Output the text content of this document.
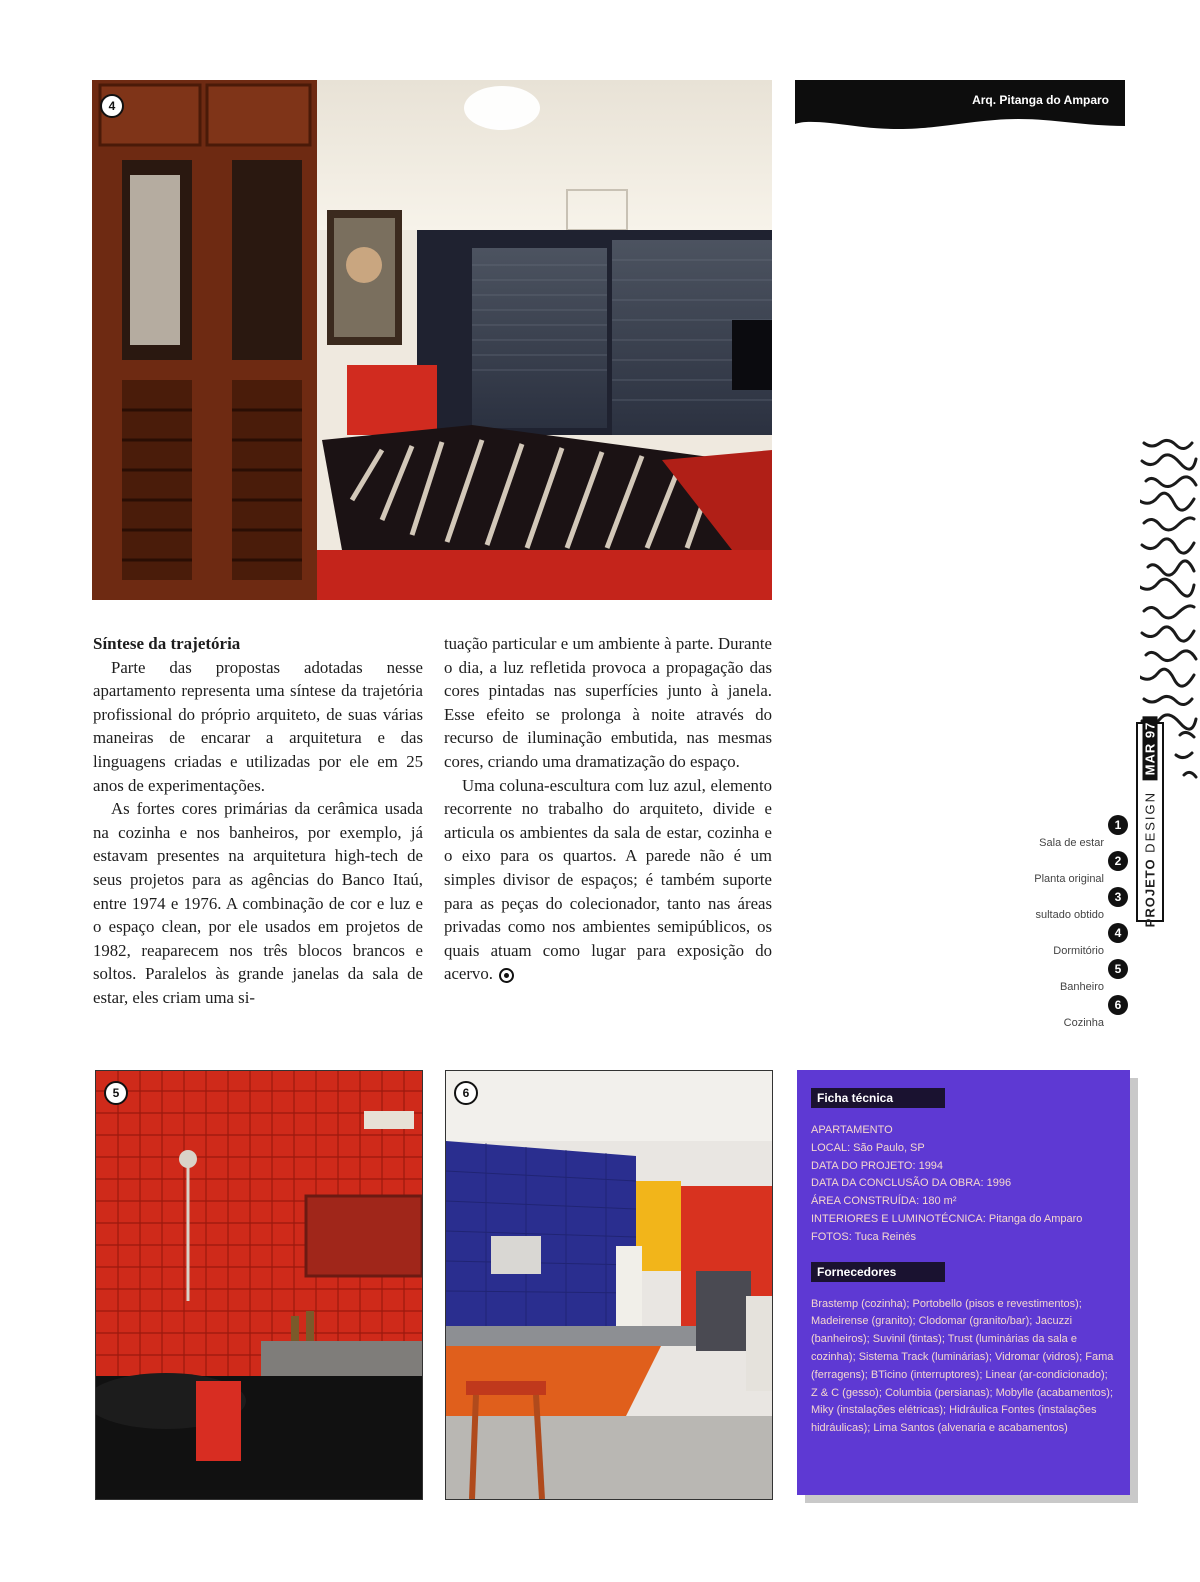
Arq. Pitanga do Amparo
4

Síntese da trajetória

Parte das propostas adotadas nesse apartamento representa uma síntese da trajetória profissional do próprio arquiteto, de suas várias maneiras de encarar a arquitetura e das linguagens criadas e utilizadas por ele em 25 anos de experimentações.

As fortes cores primárias da cerâmica usada na cozinha e nos banheiros, por exemplo, já estavam presentes na arquitetura high-tech de seus projetos para as agências do Banco Itaú, entre 1974 e 1976. A combinação de cor e luz e o espaço clean, por ele usados em projetos de 1982, reaparecem nos três blocos brancos e soltos. Paralelos às grande janelas da sala de estar, eles criam uma si-

tuação particular e um ambiente à parte. Durante o dia, a luz refletida provoca a propagação das cores pintadas nas superfícies junto à janela. Esse efeito se prolonga à noite através do recurso de iluminação embutida, nas mesmas cores, criando uma dramatização do espaço.

Uma coluna-escultura com luz azul, elemento recorrente no trabalho do arquiteto, divide e articula os ambientes da sala de estar, cozinha e o eixo para os quartos. A parede não é um simples divisor de espaços; é também suporte para as peças do colecionador, tanto nas áreas privadas como nos ambientes semipúblicos, os quais atuam como lugar para exposição do acervo.

PROJETO DESIGN MAR 97
1
Sala de estar
2
Planta original
3
sultado obtido
4
Dormitório
5
Banheiro
6
Cozinha
5	6	Ficha técnica
APARTAMENTO
LOCAL: São Paulo, SP
DATA DO PROJETO: 1994
DATA DA CONCLUSÃO DA OBRA: 1996
ÁREA CONSTRUÍDA: 180 m²
INTERIORES E LUMINOTÉCNICA: Pitanga do Amparo
FOTOS: Tuca Reinés
Fornecedores
Brastemp (cozinha); Portobello (pisos e revestimentos); Madeirense (granito); Clodomar (granito/bar); Jacuzzi (banheiros); Suvinil (tintas); Trust (luminárias da sala e cozinha); Sistema Track (luminárias); Vidromar (vidros); Fama (ferragens); BTicino (interruptores); Linear (ar-condicionado); Z & C (gesso); Columbia (persianas); Mobylle (acabamentos); Miky (instalações elétricas); Hidráulica Fontes (instalações hidráulicas); Lima Santos (alvenaria e acabamentos)
